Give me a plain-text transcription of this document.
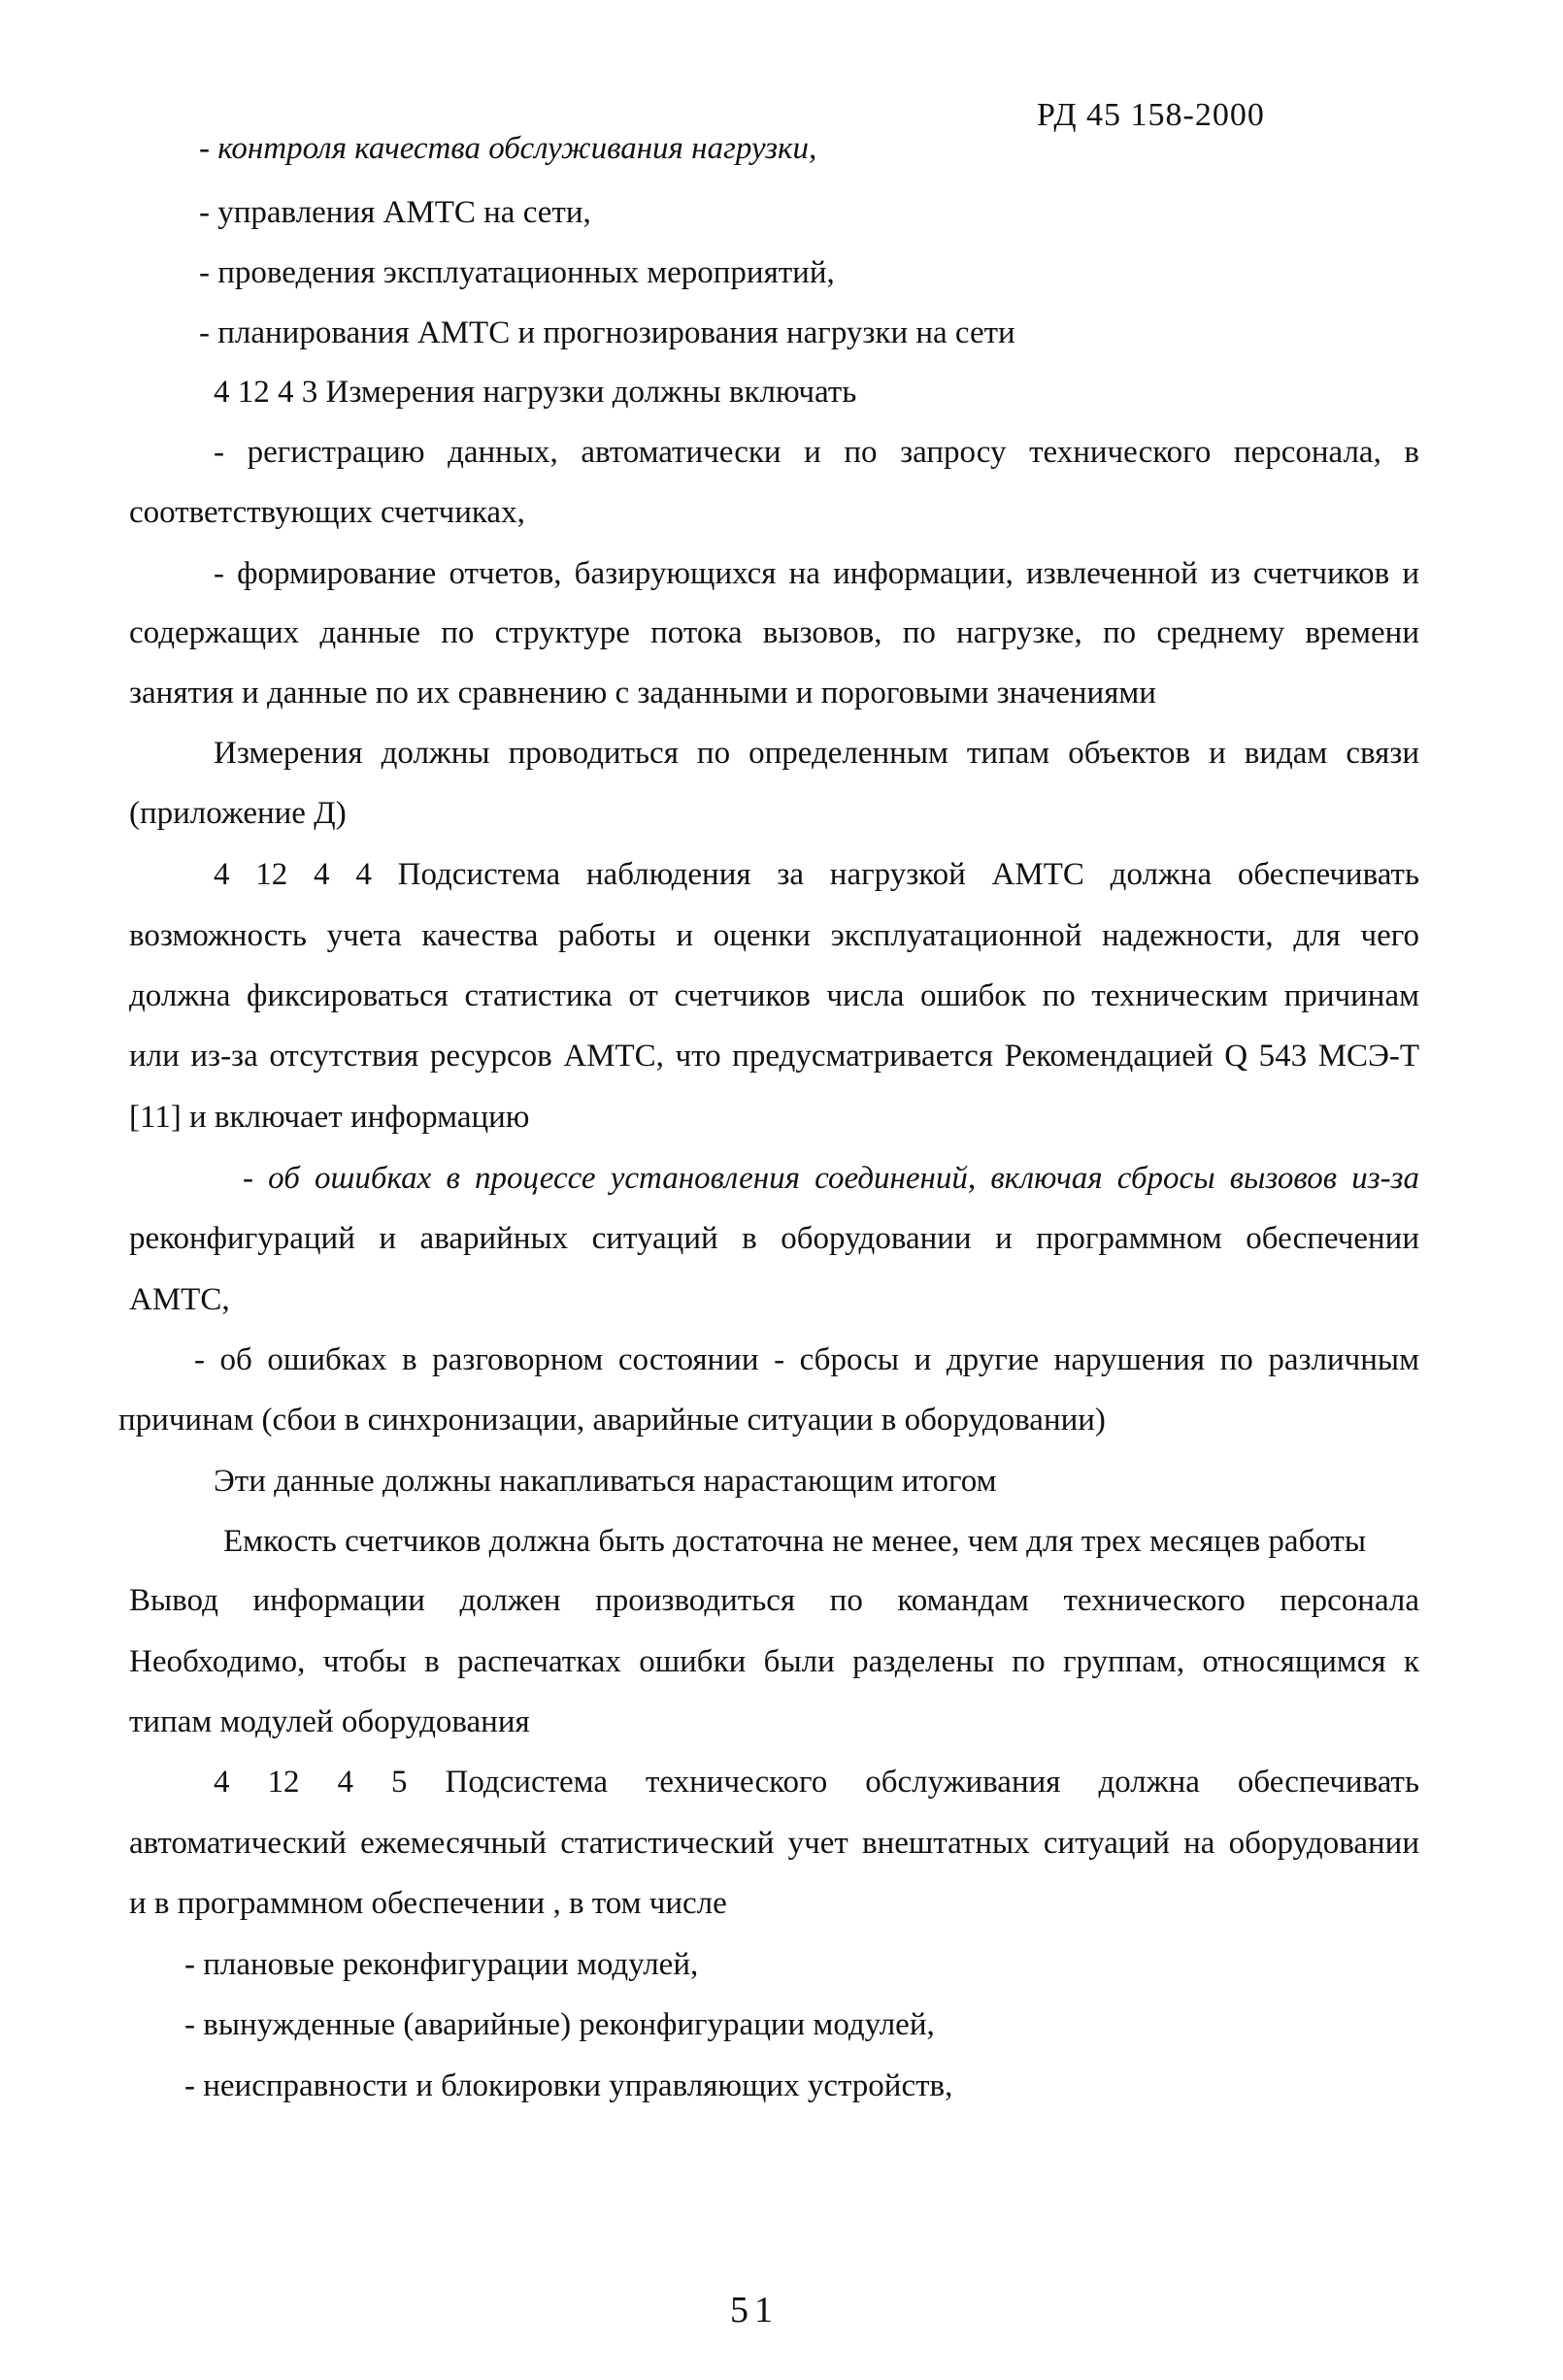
РД 45 158-2000
- контроля качества обслуживания нагрузки,
- управления АМТС на сети,
- проведения эксплуатационных мероприятий,
- планирования АМТС и прогнозирования нагрузки на сети
4 12 4 3 Измерения нагрузки должны включать
- регистрацию данных, автоматически и по запросу технического персонала, в
соответствующих счетчиках,
- формирование отчетов, базирующихся на информации, извлеченной из счетчиков и
содержащих данные по структуре потока вызовов, по нагрузке, по среднему времени
занятия и данные по их сравнению с заданными и пороговыми значениями
Измерения должны проводиться по определенным типам объектов и видам связи
(приложение Д)
4 12 4 4 Подсистема наблюдения за нагрузкой АМТС должна обеспечивать
возможность учета качества работы и оценки эксплуатационной надежности, для чего
должна фиксироваться статистика от счетчиков числа ошибок по техническим причинам
или из-за отсутствия ресурсов АМТС, что предусматривается Рекомендацией Q 543 МСЭ-Т
[11] и включает информацию
- об ошибках в процессе установления соединений, включая сбросы вызовов из-за
реконфигураций и аварийных ситуаций в оборудовании и программном обеспечении
АМТС,
- об ошибках в разговорном состоянии - сбросы и другие нарушения по различным
причинам (сбои в синхронизации, аварийные ситуации в оборудовании)
Эти данные должны накапливаться нарастающим итогом
Емкость счетчиков должна быть достаточна не менее, чем для трех месяцев работы
Вывод информации должен производиться по командам технического персонала
Необходимо, чтобы в распечатках ошибки были разделены по группам, относящимся к
типам модулей оборудования
4 12 4 5 Подсистема технического обслуживания должна обеспечивать
автоматический ежемесячный статистический учет внештатных ситуаций на оборудовании
и в программном обеспечении , в том числе
- плановые реконфигурации модулей,
- вынужденные (аварийные) реконфигурации модулей,
- неисправности и блокировки управляющих устройств,
51
